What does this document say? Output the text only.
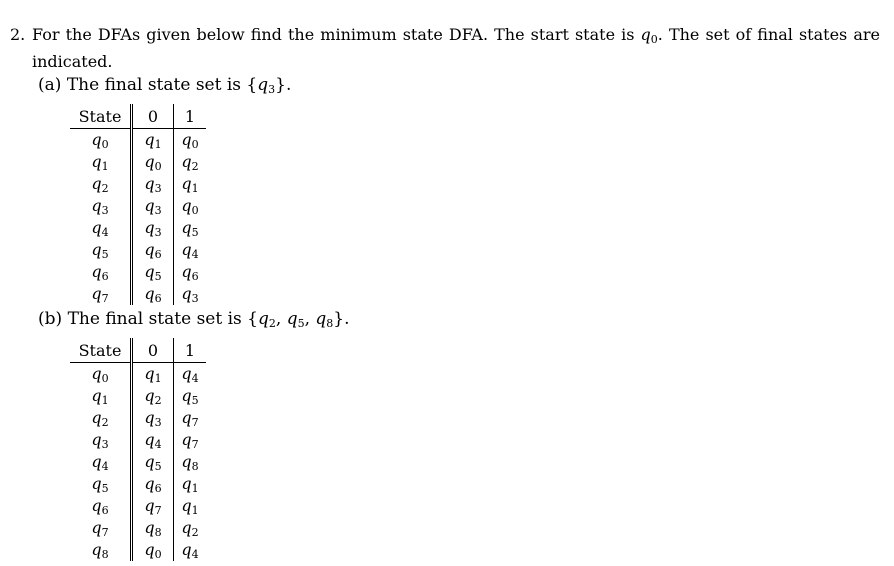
2. For the DFAs given below find the minimum state DFA. The start state is $q_0$. The set of final states are indicated.
(a) The final state set is $\{q_3\}$.
State	0	1
$q_0$	$q_1$	$q_0$
$q_1$	$q_0$	$q_2$
$q_2$	$q_3$	$q_1$
$q_3$	$q_3$	$q_0$
$q_4$	$q_3$	$q_5$
$q_5$	$q_6$	$q_4$
$q_6$	$q_5$	$q_6$
$q_7$	$q_6$	$q_3$
(b) The final state set is {$q_2$, $q_5$, $q_8$}.
State	0	1
$q_0$	$q_1$	$q_4$
$q_1$	$q_2$	$q_5$
$q_2$	$q_3$	$q_7$
$q_3$	$q_4$	$q_7$
$q_4$	$q_5$	$q_8$
$q_5$	$q_6$	$q_1$
$q_6$	$q_7$	$q_1$
$q_7$	$q_8$	$q_2$
$q_8$	$q_0$	$q_4$
